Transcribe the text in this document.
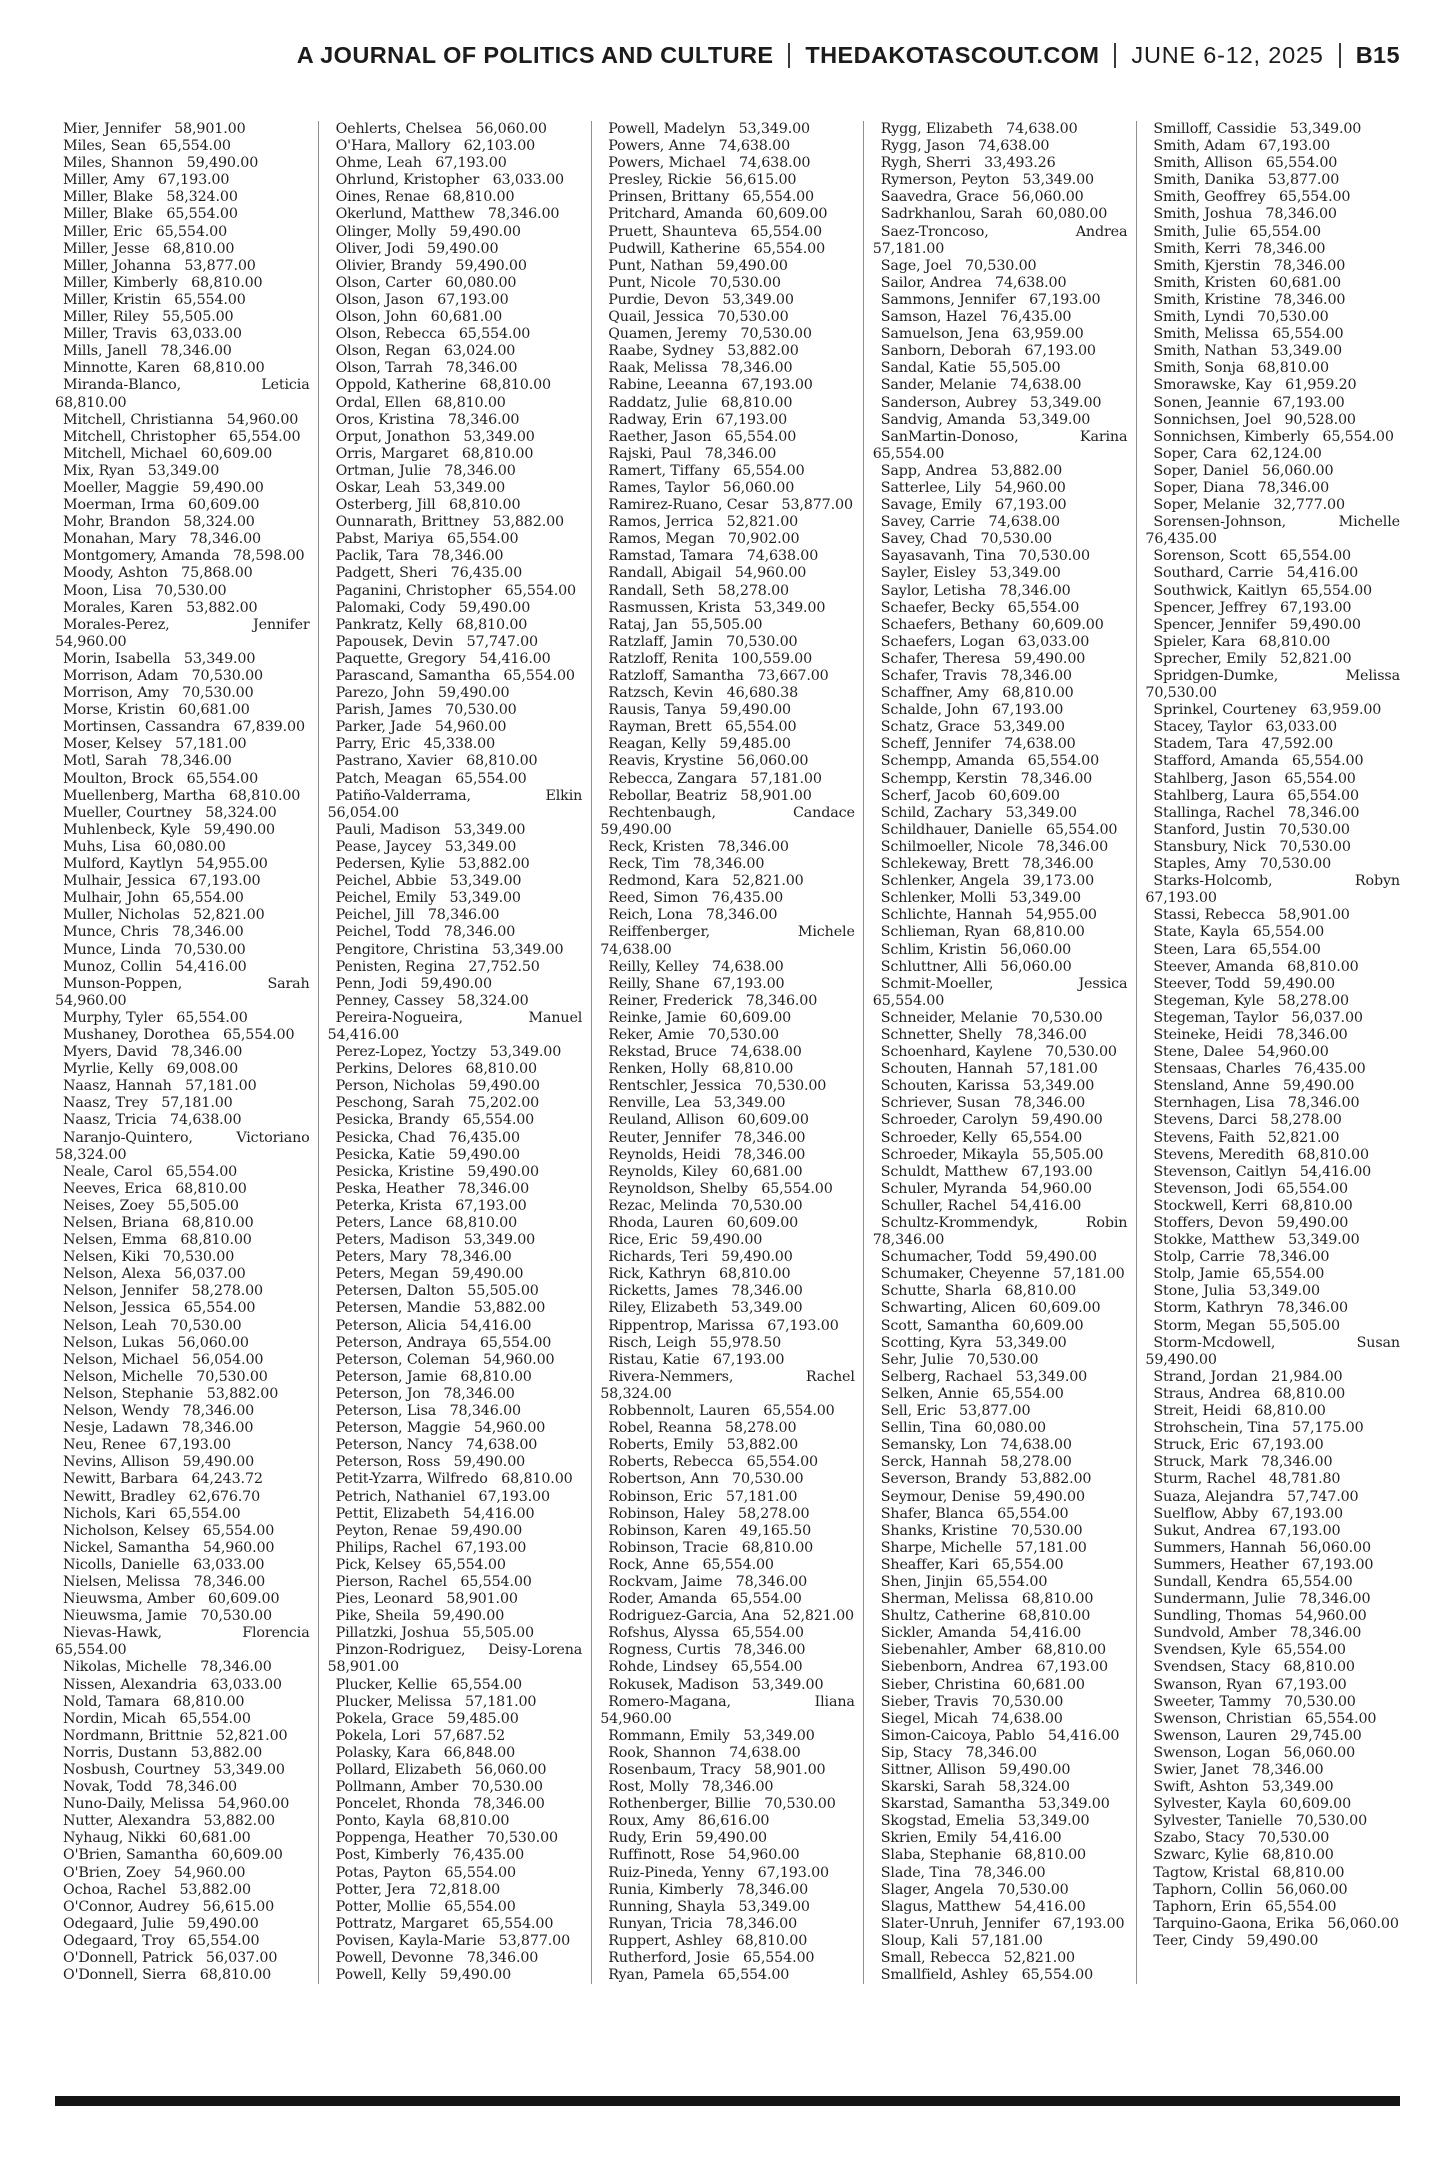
A JOURNAL OF POLITICS AND CULTURE THEDAKOTASCOUT.COM JUNE 6-12, 2025 B15
Mier, Jennifer 58,901.00
Miles, Sean 65,554.00
Miles, Shannon 59,490.00
Miller, Amy 67,193.00
Miller, Blake 58,324.00
Miller, Blake 65,554.00
Miller, Eric 65,554.00
Miller, Jesse 68,810.00
Miller, Johanna 53,877.00
Miller, Kimberly 68,810.00
Miller, Kristin 65,554.00
Miller, Riley 55,505.00
Miller, Travis 63,033.00
Mills, Janell 78,346.00
Minnotte, Karen 68,810.00
Miranda-Blanco, Leticia 68,810.00
Mitchell, Christianna 54,960.00
Mitchell, Christopher 65,554.00
Mitchell, Michael 60,609.00
Mix, Ryan 53,349.00
Moeller, Maggie 59,490.00
Moerman, Irma 60,609.00
Mohr, Brandon 58,324.00
Monahan, Mary 78,346.00
Montgomery, Amanda 78,598.00
Moody, Ashton 75,868.00
Moon, Lisa 70,530.00
Morales, Karen 53,882.00
Morales-Perez, Jennifer 54,960.00
Morin, Isabella 53,349.00
Morrison, Adam 70,530.00
Morrison, Amy 70,530.00
Morse, Kristin 60,681.00
Mortinsen, Cassandra 67,839.00
Moser, Kelsey 57,181.00
Motl, Sarah 78,346.00
Moulton, Brock 65,554.00
Muellenberg, Martha 68,810.00
Mueller, Courtney 58,324.00
Muhlenbeck, Kyle 59,490.00
Muhs, Lisa 60,080.00
Mulford, Kaytlyn 54,955.00
Mulhair, Jessica 67,193.00
Mulhair, John 65,554.00
Muller, Nicholas 52,821.00
Munce, Chris 78,346.00
Munce, Linda 70,530.00
Munoz, Collin 54,416.00
Munson-Poppen, Sarah 54,960.00
Murphy, Tyler 65,554.00
Mushaney, Dorothea 65,554.00
Myers, David 78,346.00
Myrlie, Kelly 69,008.00
Naasz, Hannah 57,181.00
Naasz, Trey 57,181.00
Naasz, Tricia 74,638.00
Naranjo-Quintero, Victoriano 58,324.00
Neale, Carol 65,554.00
Neeves, Erica 68,810.00
Neises, Zoey 55,505.00
Nelsen, Briana 68,810.00
Nelsen, Emma 68,810.00
Nelsen, Kiki 70,530.00
Nelson, Alexa 56,037.00
Nelson, Jennifer 58,278.00
Nelson, Jessica 65,554.00
Nelson, Leah 70,530.00
Nelson, Lukas 56,060.00
Nelson, Michael 56,054.00
Nelson, Michelle 70,530.00
Nelson, Stephanie 53,882.00
Nelson, Wendy 78,346.00
Nesje, Ladawn 78,346.00
Neu, Renee 67,193.00
Nevins, Allison 59,490.00
Newitt, Barbara 64,243.72
Newitt, Bradley 62,676.70
Nichols, Kari 65,554.00
Nicholson, Kelsey 65,554.00
Nickel, Samantha 54,960.00
Nicolls, Danielle 63,033.00
Nielsen, Melissa 78,346.00
Nieuwsma, Amber 60,609.00
Nieuwsma, Jamie 70,530.00
Nievas-Hawk, Florencia 65,554.00
Nikolas, Michelle 78,346.00
Nissen, Alexandria 63,033.00
Nold, Tamara 68,810.00
Nordin, Micah 65,554.00
Nordmann, Brittnie 52,821.00
Norris, Dustann 53,882.00
Nosbush, Courtney 53,349.00
Novak, Todd 78,346.00
Nuno-Daily, Melissa 54,960.00
Nutter, Alexandra 53,882.00
Nyhaug, Nikki 60,681.00
O'Brien, Samantha 60,609.00
O'Brien, Zoey 54,960.00
Ochoa, Rachel 53,882.00
O'Connor, Audrey 56,615.00
Odegaard, Julie 59,490.00
Odegaard, Troy 65,554.00
O'Donnell, Patrick 56,037.00
O'Donnell, Sierra 68,810.00
Oehlerts, Chelsea 56,060.00
O'Hara, Mallory 62,103.00
Ohme, Leah 67,193.00
Ohrlund, Kristopher 63,033.00
Oines, Renae 68,810.00
Okerlund, Matthew 78,346.00
Olinger, Molly 59,490.00
Oliver, Jodi 59,490.00
Olivier, Brandy 59,490.00
Olson, Carter 60,080.00
Olson, Jason 67,193.00
Olson, John 60,681.00
Olson, Rebecca 65,554.00
Olson, Regan 63,024.00
Olson, Tarrah 78,346.00
Oppold, Katherine 68,810.00
Ordal, Ellen 68,810.00
Oros, Kristina 78,346.00
Orput, Jonathon 53,349.00
Orris, Margaret 68,810.00
Ortman, Julie 78,346.00
Oskar, Leah 53,349.00
Osterberg, Jill 68,810.00
Ounnarath, Brittney 53,882.00
Pabst, Mariya 65,554.00
Paclik, Tara 78,346.00
Padgett, Sheri 76,435.00
Paganini, Christopher 65,554.00
Palomaki, Cody 59,490.00
Pankratz, Kelly 68,810.00
Papousek, Devin 57,747.00
Paquette, Gregory 54,416.00
Parascand, Samantha 65,554.00
Parezo, John 59,490.00
Parish, James 70,530.00
Parker, Jade 54,960.00
Parry, Eric 45,338.00
Pastrano, Xavier 68,810.00
Patch, Meagan 65,554.00
Patiño-Valderrama, Elkin 56,054.00
Pauli, Madison 53,349.00
Pease, Jaycey 53,349.00
Pedersen, Kylie 53,882.00
Peichel, Abbie 53,349.00
Peichel, Emily 53,349.00
Peichel, Jill 78,346.00
Peichel, Todd 78,346.00
Pengitore, Christina 53,349.00
Penisten, Regina 27,752.50
Penn, Jodi 59,490.00
Penney, Cassey 58,324.00
Pereira-Nogueira, Manuel 54,416.00
Perez-Lopez, Yoctzy 53,349.00
Perkins, Delores 68,810.00
Person, Nicholas 59,490.00
Peschong, Sarah 75,202.00
Pesicka, Brandy 65,554.00
Pesicka, Chad 76,435.00
Pesicka, Katie 59,490.00
Pesicka, Kristine 59,490.00
Peska, Heather 78,346.00
Peterka, Krista 67,193.00
Peters, Lance 68,810.00
Peters, Madison 53,349.00
Peters, Mary 78,346.00
Peters, Megan 59,490.00
Petersen, Dalton 55,505.00
Petersen, Mandie 53,882.00
Peterson, Alicia 54,416.00
Peterson, Andraya 65,554.00
Peterson, Coleman 54,960.00
Peterson, Jamie 68,810.00
Peterson, Jon 78,346.00
Peterson, Lisa 78,346.00
Peterson, Maggie 54,960.00
Peterson, Nancy 74,638.00
Peterson, Ross 59,490.00
Petit-Yzarra, Wilfredo 68,810.00
Petrich, Nathaniel 67,193.00
Pettit, Elizabeth 54,416.00
Peyton, Renae 59,490.00
Philips, Rachel 67,193.00
Pick, Kelsey 65,554.00
Pierson, Rachel 65,554.00
Pies, Leonard 58,901.00
Pike, Sheila 59,490.00
Pillatzki, Joshua 55,505.00
Pinzon-Rodriguez, Deisy-Lorena 58,901.00
Plucker, Kellie 65,554.00
Plucker, Melissa 57,181.00
Pokela, Grace 59,485.00
Pokela, Lori 57,687.52
Polasky, Kara 66,848.00
Pollard, Elizabeth 56,060.00
Pollmann, Amber 70,530.00
Poncelet, Rhonda 78,346.00
Ponto, Kayla 68,810.00
Poppenga, Heather 70,530.00
Post, Kimberly 76,435.00
Potas, Payton 65,554.00
Potter, Jera 72,818.00
Potter, Mollie 65,554.00
Pottratz, Margaret 65,554.00
Povisen, Kayla-Marie 53,877.00
Powell, Devonne 78,346.00
Powell, Kelly 59,490.00
Powell, Madelyn 53,349.00
Powers, Anne 74,638.00
Powers, Michael 74,638.00
Presley, Rickie 56,615.00
Prinsen, Brittany 65,554.00
Pritchard, Amanda 60,609.00
Pruett, Shaunteva 65,554.00
Pudwill, Katherine 65,554.00
Punt, Nathan 59,490.00
Punt, Nicole 70,530.00
Purdie, Devon 53,349.00
Quail, Jessica 70,530.00
Quamen, Jeremy 70,530.00
Raabe, Sydney 53,882.00
Raak, Melissa 78,346.00
Rabine, Leeanna 67,193.00
Raddatz, Julie 68,810.00
Radway, Erin 67,193.00
Raether, Jason 65,554.00
Rajski, Paul 78,346.00
Ramert, Tiffany 65,554.00
Rames, Taylor 56,060.00
Ramirez-Ruano, Cesar 53,877.00
Ramos, Jerrica 52,821.00
Ramos, Megan 70,902.00
Ramstad, Tamara 74,638.00
Randall, Abigail 54,960.00
Randall, Seth 58,278.00
Rasmussen, Krista 53,349.00
Rataj, Jan 55,505.00
Ratzlaff, Jamin 70,530.00
Ratzloff, Renita 100,559.00
Ratzloff, Samantha 73,667.00
Ratzsch, Kevin 46,680.38
Rausis, Tanya 59,490.00
Rayman, Brett 65,554.00
Reagan, Kelly 59,485.00
Reavis, Krystine 56,060.00
Rebecca, Zangara 57,181.00
Rebollar, Beatriz 58,901.00
Rechtenbaugh, Candace 59,490.00
Reck, Kristen 78,346.00
Reck, Tim 78,346.00
Redmond, Kara 52,821.00
Reed, Simon 76,435.00
Reich, Lona 78,346.00
Reiffenberger, Michele 74,638.00
Reilly, Kelley 74,638.00
Reilly, Shane 67,193.00
Reiner, Frederick 78,346.00
Reinke, Jamie 60,609.00
Reker, Amie 70,530.00
Rekstad, Bruce 74,638.00
Renken, Holly 68,810.00
Rentschler, Jessica 70,530.00
Renville, Lea 53,349.00
Reuland, Allison 60,609.00
Reuter, Jennifer 78,346.00
Reynolds, Heidi 78,346.00
Reynolds, Kiley 60,681.00
Reynoldson, Shelby 65,554.00
Rezac, Melinda 70,530.00
Rhoda, Lauren 60,609.00
Rice, Eric 59,490.00
Richards, Teri 59,490.00
Rick, Kathryn 68,810.00
Ricketts, James 78,346.00
Riley, Elizabeth 53,349.00
Rippentrop, Marissa 67,193.00
Risch, Leigh 55,978.50
Ristau, Katie 67,193.00
Rivera-Nemmers, Rachel 58,324.00
Robbennolt, Lauren 65,554.00
Robel, Reanna 58,278.00
Roberts, Emily 53,882.00
Roberts, Rebecca 65,554.00
Robertson, Ann 70,530.00
Robinson, Eric 57,181.00
Robinson, Haley 58,278.00
Robinson, Karen 49,165.50
Robinson, Tracie 68,810.00
Rock, Anne 65,554.00
Rockvam, Jaime 78,346.00
Roder, Amanda 65,554.00
Rodriguez-Garcia, Ana 52,821.00
Rofshus, Alyssa 65,554.00
Rogness, Curtis 78,346.00
Rohde, Lindsey 65,554.00
Rokusek, Madison 53,349.00
Romero-Magana, Iliana 54,960.00
Rommann, Emily 53,349.00
Rook, Shannon 74,638.00
Rosenbaum, Tracy 58,901.00
Rost, Molly 78,346.00
Rothenberger, Billie 70,530.00
Roux, Amy 86,616.00
Rudy, Erin 59,490.00
Ruffinott, Rose 54,960.00
Ruiz-Pineda, Yenny 67,193.00
Runia, Kimberly 78,346.00
Running, Shayla 53,349.00
Runyan, Tricia 78,346.00
Ruppert, Ashley 68,810.00
Rutherford, Josie 65,554.00
Ryan, Pamela 65,554.00
Rygg, Elizabeth 74,638.00
Rygg, Jason 74,638.00
Rygh, Sherri 33,493.26
Rymerson, Peyton 53,349.00
Saavedra, Grace 56,060.00
Sadrkhanlou, Sarah 60,080.00
Saez-Troncoso, Andrea 57,181.00
Sage, Joel 70,530.00
Sailor, Andrea 74,638.00
Sammons, Jennifer 67,193.00
Samson, Hazel 76,435.00
Samuelson, Jena 63,959.00
Sanborn, Deborah 67,193.00
Sandal, Katie 55,505.00
Sander, Melanie 74,638.00
Sanderson, Aubrey 53,349.00
Sandvig, Amanda 53,349.00
SanMartin-Donoso, Karina 65,554.00
Sapp, Andrea 53,882.00
Satterlee, Lily 54,960.00
Savage, Emily 67,193.00
Savey, Carrie 74,638.00
Savey, Chad 70,530.00
Sayasavanh, Tina 70,530.00
Sayler, Eisley 53,349.00
Saylor, Letisha 78,346.00
Schaefer, Becky 65,554.00
Schaefers, Bethany 60,609.00
Schaefers, Logan 63,033.00
Schafer, Theresa 59,490.00
Schafer, Travis 78,346.00
Schaffner, Amy 68,810.00
Schalde, John 67,193.00
Schatz, Grace 53,349.00
Scheff, Jennifer 74,638.00
Schempp, Amanda 65,554.00
Schempp, Kerstin 78,346.00
Scherf, Jacob 60,609.00
Schild, Zachary 53,349.00
Schildhauer, Danielle 65,554.00
Schilmoeller, Nicole 78,346.00
Schlekeway, Brett 78,346.00
Schlenker, Angela 39,173.00
Schlenker, Molli 53,349.00
Schlichte, Hannah 54,955.00
Schlieman, Ryan 68,810.00
Schlim, Kristin 56,060.00
Schluttner, Alli 56,060.00
Schmit-Moeller, Jessica 65,554.00
Schneider, Melanie 70,530.00
Schnetter, Shelly 78,346.00
Schoenhard, Kaylene 70,530.00
Schouten, Hannah 57,181.00
Schouten, Karissa 53,349.00
Schriever, Susan 78,346.00
Schroeder, Carolyn 59,490.00
Schroeder, Kelly 65,554.00
Schroeder, Mikayla 55,505.00
Schuldt, Matthew 67,193.00
Schuler, Myranda 54,960.00
Schuller, Rachel 54,416.00
Schultz-Krommendyk, Robin 78,346.00
Schumacher, Todd 59,490.00
Schumaker, Cheyenne 57,181.00
Schutte, Sharla 68,810.00
Schwarting, Alicen 60,609.00
Scott, Samantha 60,609.00
Scotting, Kyra 53,349.00
Sehr, Julie 70,530.00
Selberg, Rachael 53,349.00
Selken, Annie 65,554.00
Sell, Eric 53,877.00
Sellin, Tina 60,080.00
Semansky, Lon 74,638.00
Serck, Hannah 58,278.00
Severson, Brandy 53,882.00
Seymour, Denise 59,490.00
Shafer, Blanca 65,554.00
Shanks, Kristine 70,530.00
Sharpe, Michelle 57,181.00
Sheaffer, Kari 65,554.00
Shen, Jinjin 65,554.00
Sherman, Melissa 68,810.00
Shultz, Catherine 68,810.00
Sickler, Amanda 54,416.00
Siebenahler, Amber 68,810.00
Siebenborn, Andrea 67,193.00
Sieber, Christina 60,681.00
Sieber, Travis 70,530.00
Siegel, Micah 74,638.00
Simon-Caicoya, Pablo 54,416.00
Sip, Stacy 78,346.00
Sittner, Allison 59,490.00
Skarski, Sarah 58,324.00
Skarstad, Samantha 53,349.00
Skogstad, Emelia 53,349.00
Skrien, Emily 54,416.00
Slaba, Stephanie 68,810.00
Slade, Tina 78,346.00
Slager, Angela 70,530.00
Slagus, Matthew 54,416.00
Slater-Unruh, Jennifer 67,193.00
Sloup, Kali 57,181.00
Small, Rebecca 52,821.00
Smallfield, Ashley 65,554.00
Smilloff, Cassidie 53,349.00
Smith, Adam 67,193.00
Smith, Allison 65,554.00
Smith, Danika 53,877.00
Smith, Geoffrey 65,554.00
Smith, Joshua 78,346.00
Smith, Julie 65,554.00
Smith, Kerri 78,346.00
Smith, Kjerstin 78,346.00
Smith, Kristen 60,681.00
Smith, Kristine 78,346.00
Smith, Lyndi 70,530.00
Smith, Melissa 65,554.00
Smith, Nathan 53,349.00
Smith, Sonja 68,810.00
Smorawske, Kay 61,959.20
Sonen, Jeannie 67,193.00
Sonnichsen, Joel 90,528.00
Sonnichsen, Kimberly 65,554.00
Soper, Cara 62,124.00
Soper, Daniel 56,060.00
Soper, Diana 78,346.00
Soper, Melanie 32,777.00
Sorensen-Johnson, Michelle 76,435.00
Sorenson, Scott 65,554.00
Southard, Carrie 54,416.00
Southwick, Kaitlyn 65,554.00
Spencer, Jeffrey 67,193.00
Spencer, Jennifer 59,490.00
Spieler, Kara 68,810.00
Sprecher, Emily 52,821.00
Spridgen-Dumke, Melissa 70,530.00
Sprinkel, Courteney 63,959.00
Stacey, Taylor 63,033.00
Stadem, Tara 47,592.00
Stafford, Amanda 65,554.00
Stahlberg, Jason 65,554.00
Stahlberg, Laura 65,554.00
Stallinga, Rachel 78,346.00
Stanford, Justin 70,530.00
Stansbury, Nick 70,530.00
Staples, Amy 70,530.00
Starks-Holcomb, Robyn 67,193.00
Stassi, Rebecca 58,901.00
State, Kayla 65,554.00
Steen, Lara 65,554.00
Steever, Amanda 68,810.00
Steever, Todd 59,490.00
Stegeman, Kyle 58,278.00
Stegeman, Taylor 56,037.00
Steineke, Heidi 78,346.00
Stene, Dalee 54,960.00
Stensaas, Charles 76,435.00
Stensland, Anne 59,490.00
Sternhagen, Lisa 78,346.00
Stevens, Darci 58,278.00
Stevens, Faith 52,821.00
Stevens, Meredith 68,810.00
Stevenson, Caitlyn 54,416.00
Stevenson, Jodi 65,554.00
Stockwell, Kerri 68,810.00
Stoffers, Devon 59,490.00
Stokke, Matthew 53,349.00
Stolp, Carrie 78,346.00
Stolp, Jamie 65,554.00
Stone, Julia 53,349.00
Storm, Kathryn 78,346.00
Storm, Megan 55,505.00
Storm-Mcdowell, Susan 59,490.00
Strand, Jordan 21,984.00
Straus, Andrea 68,810.00
Streit, Heidi 68,810.00
Strohschein, Tina 57,175.00
Struck, Eric 67,193.00
Struck, Mark 78,346.00
Sturm, Rachel 48,781.80
Suaza, Alejandra 57,747.00
Suelflow, Abby 67,193.00
Sukut, Andrea 67,193.00
Summers, Hannah 56,060.00
Summers, Heather 67,193.00
Sundall, Kendra 65,554.00
Sundermann, Julie 78,346.00
Sundling, Thomas 54,960.00
Sundvold, Amber 78,346.00
Svendsen, Kyle 65,554.00
Svendsen, Stacy 68,810.00
Swanson, Ryan 67,193.00
Sweeter, Tammy 70,530.00
Swenson, Christian 65,554.00
Swenson, Lauren 29,745.00
Swenson, Logan 56,060.00
Swier, Janet 78,346.00
Swift, Ashton 53,349.00
Sylvester, Kayla 60,609.00
Sylvester, Tanielle 70,530.00
Szabo, Stacy 70,530.00
Szwarc, Kylie 68,810.00
Tagtow, Kristal 68,810.00
Taphorn, Collin 56,060.00
Taphorn, Erin 65,554.00
Tarquino-Gaona, Erika 56,060.00
Teer, Cindy 59,490.00
